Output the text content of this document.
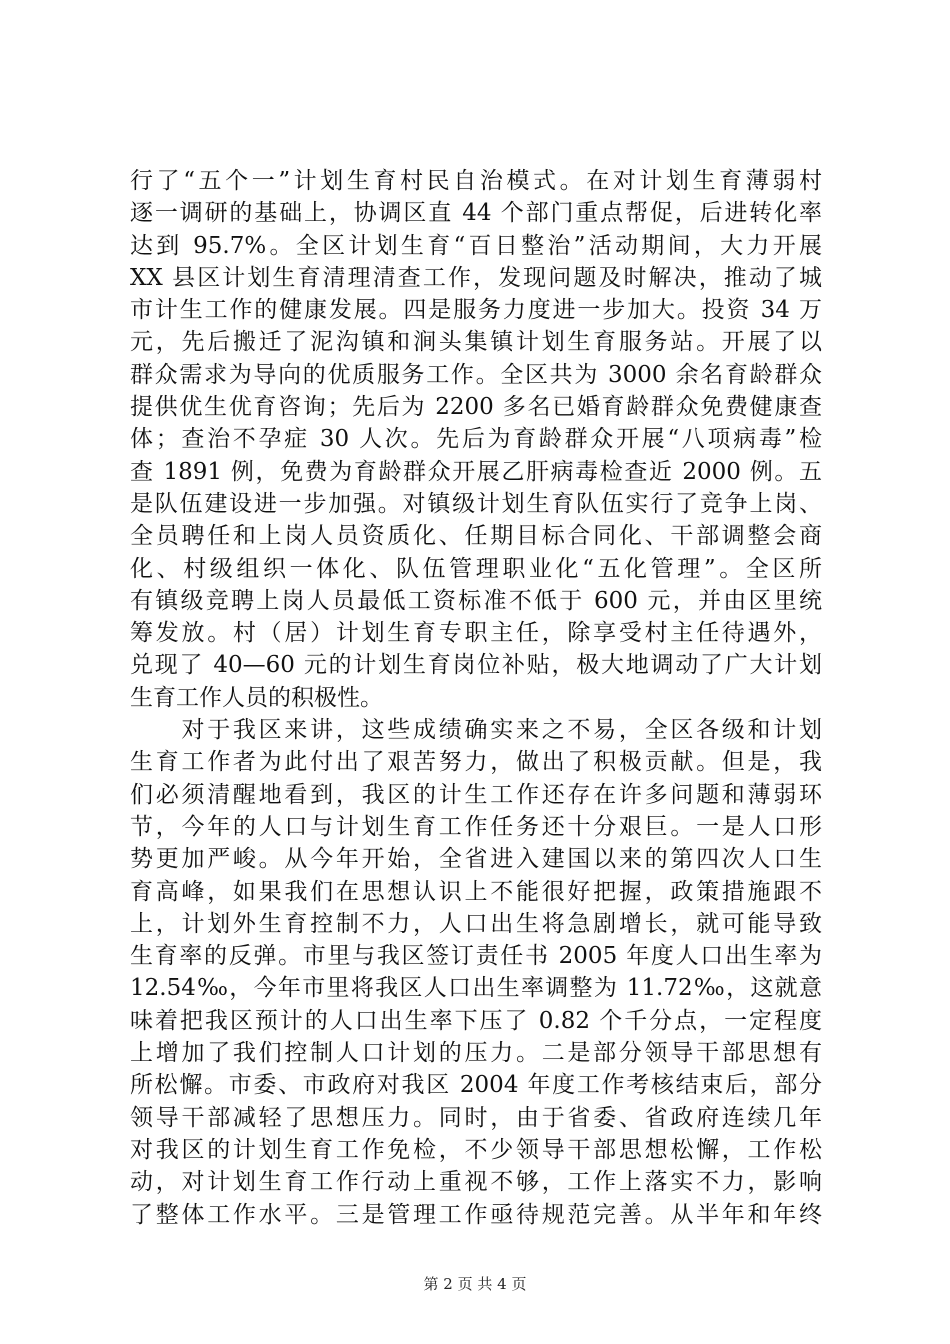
行了“五个一”计划生育村民自治模式。在对计划生育薄弱村
逐一调研的基础上，协调区直 44 个部门重点帮促，后进转化率
达到 95.7%。全区计划生育“百日整治”活动期间，大力开展
XX 县区计划生育清理清查工作，发现问题及时解决，推动了城
市计生工作的健康发展。四是服务力度进一步加大。投资 34 万
元，先后搬迁了泥沟镇和涧头集镇计划生育服务站。开展了以
群众需求为导向的优质服务工作。全区共为 3000 余名育龄群众
提供优生优育咨询；先后为 2200 多名已婚育龄群众免费健康查
体；查治不孕症 30 人次。先后为育龄群众开展“八项病毒”检
查 1891 例，免费为育龄群众开展乙肝病毒检查近 2000 例。五
是队伍建设进一步加强。对镇级计划生育队伍实行了竞争上岗、
全员聘任和上岗人员资质化、任期目标合同化、干部调整会商
化、村级组织一体化、队伍管理职业化“五化管理”。全区所
有镇级竞聘上岗人员最低工资标准不低于 600 元，并由区里统
筹发放。村（居）计划生育专职主任，除享受村主任待遇外，
兑现了 40—60 元的计划生育岗位补贴，极大地调动了广大计划
生育工作人员的积极性。
　　对于我区来讲，这些成绩确实来之不易，全区各级和计划
生育工作者为此付出了艰苦努力，做出了积极贡献。但是，我
们必须清醒地看到，我区的计生工作还存在许多问题和薄弱环
节，今年的人口与计划生育工作任务还十分艰巨。一是人口形
势更加严峻。从今年开始，全省进入建国以来的第四次人口生
育高峰，如果我们在思想认识上不能很好把握，政策措施跟不
上，计划外生育控制不力，人口出生将急剧增长，就可能导致
生育率的反弹。市里与我区签订责任书 2005 年度人口出生率为
12.54‰，今年市里将我区人口出生率调整为 11.72‰，这就意
味着把我区预计的人口出生率下压了 0.82 个千分点，一定程度
上增加了我们控制人口计划的压力。二是部分领导干部思想有
所松懈。市委、市政府对我区 2004 年度工作考核结束后，部分
领导干部减轻了思想压力。同时，由于省委、省政府连续几年
对我区的计划生育工作免检，不少领导干部思想松懈，工作松
动，对计划生育工作行动上重视不够，工作上落实不力，影响
了整体工作水平。三是管理工作亟待规范完善。从半年和年终
第 2 页 共 4 页
